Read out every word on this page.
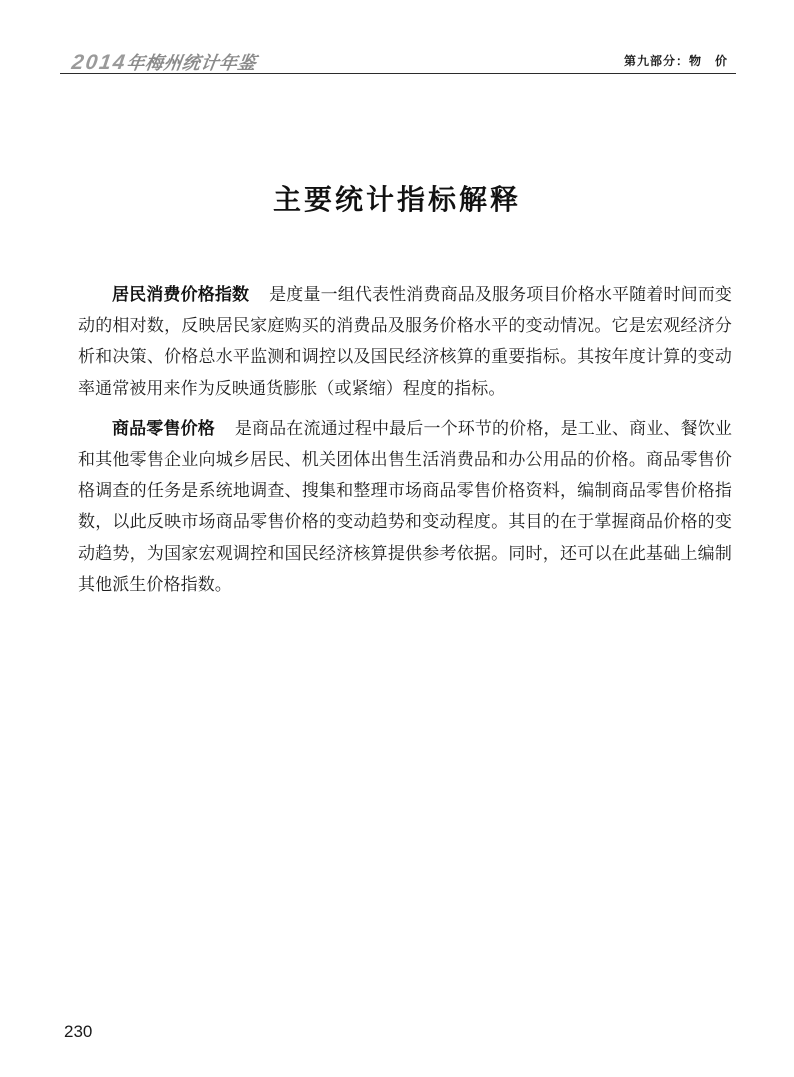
2014年梅州统计年鉴	第九部分：物　价
主要统计指标解释

居民消费价格指数 是度量一组代表性消费商品及服务项目价格水平随着时间而变动的相对数，反映居民家庭购买的消费品及服务价格水平的变动情况。它是宏观经济分析和决策、价格总水平监测和调控以及国民经济核算的重要指标。其按年度计算的变动率通常被用来作为反映通货膨胀（或紧缩）程度的指标。

商品零售价格 是商品在流通过程中最后一个环节的价格，是工业、商业、餐饮业和其他零售企业向城乡居民、机关团体出售生活消费品和办公用品的价格。商品零售价格调查的任务是系统地调查、搜集和整理市场商品零售价格资料，编制商品零售价格指数，以此反映市场商品零售价格的变动趋势和变动程度。其目的在于掌握商品价格的变动趋势，为国家宏观调控和国民经济核算提供参考依据。同时，还可以在此基础上编制其他派生价格指数。

230
